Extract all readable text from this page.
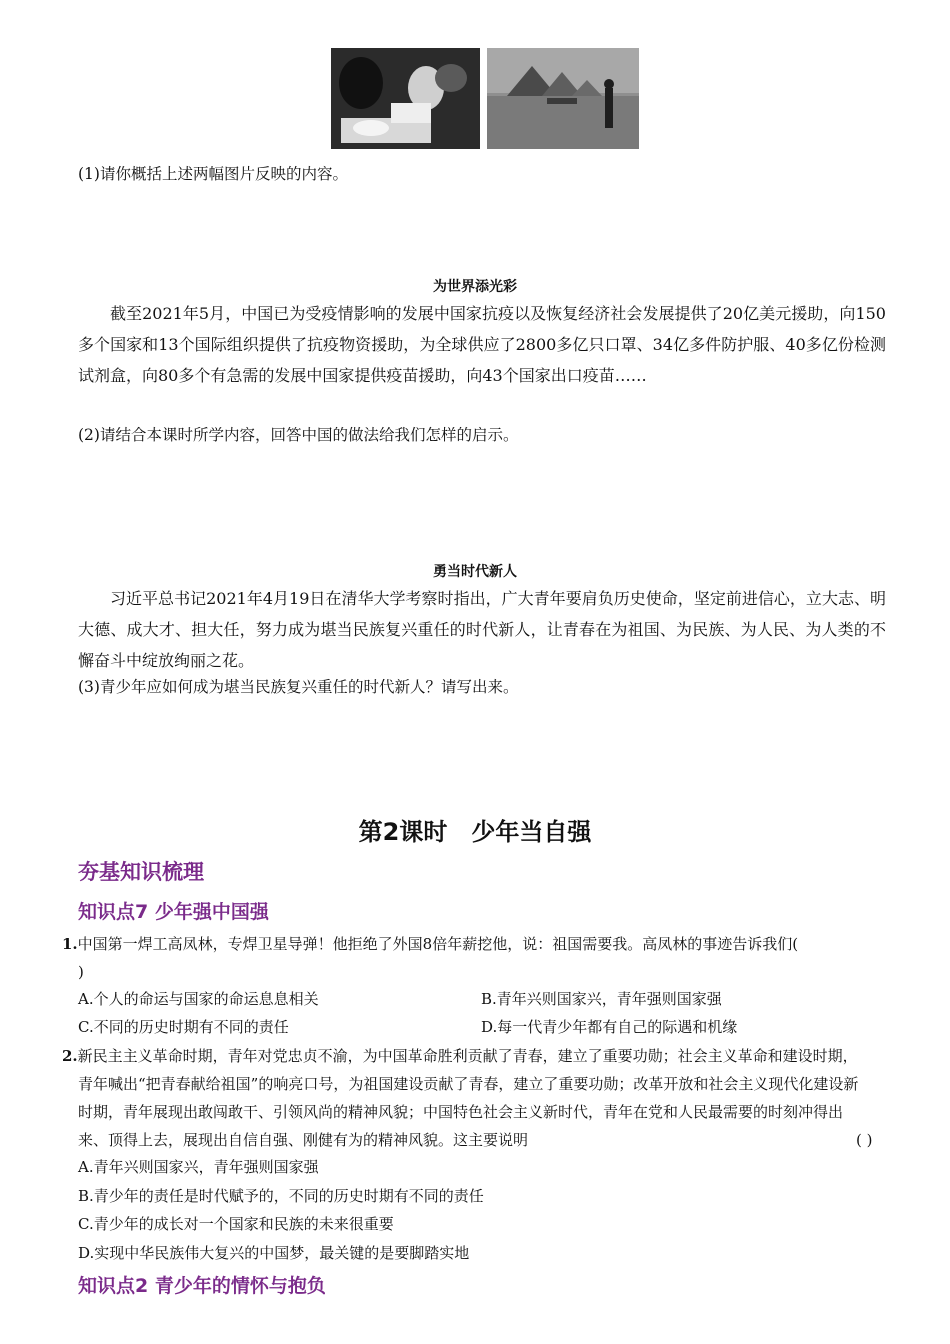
(1)请你概括上述两幅图片反映的内容。
为世界添光彩
截至2021年5月，中国已为受疫情影响的发展中国家抗疫以及恢复经济社会发展提供了20亿美元援助，向150多个国家和13个国际组织提供了抗疫物资援助，为全球供应了2800多亿只口罩、34亿多件防护服、40多亿份检测试剂盒，向80多个有急需的发展中国家提供疫苗援助，向43个国家出口疫苗……
(2)请结合本课时所学内容，回答中国的做法给我们怎样的启示。
勇当时代新人
习近平总书记2021年4月19日在清华大学考察时指出，广大青年要肩负历史使命，坚定前进信心，立大志、明大德、成大才、担大任，努力成为堪当民族复兴重任的时代新人，让青春在为祖国、为民族、为人民、为人类的不懈奋斗中绽放绚丽之花。
(3)青少年应如何成为堪当民族复兴重任的时代新人？请写出来。
第2课时　少年当自强
夯基知识梳理
知识点7 少年强中国强
1.中国第一焊工高凤林，专焊卫星导弹！他拒绝了外国8倍年薪挖他，说：祖国需要我。高凤林的事迹告诉我们(
)
A.个人的命运与国家的命运息息相关	B.青年兴则国家兴，青年强则国家强
C.不同的历史时期有不同的责任	D.每一代青少年都有自己的际遇和机缘
2.新民主主义革命时期，青年对党忠贞不渝，为中国革命胜利贡献了青春，建立了重要功勋；社会主义革命和建设时期，青年喊出“把青春献给祖国”的响亮口号，为祖国建设贡献了青春，建立了重要功勋；改革开放和社会主义现代化建设新时期，青年展现出敢闯敢干、引领风尚的精神风貌；中国特色社会主义新时代，青年在党和人民最需要的时刻冲得出来、顶得上去，展现出自信自强、刚健有为的精神风貌。这主要说明	( )
A.青年兴则国家兴，青年强则国家强
B.青少年的责任是时代赋予的，不同的历史时期有不同的责任
C.青少年的成长对一个国家和民族的未来很重要
D.实现中华民族伟大复兴的中国梦，最关键的是要脚踏实地
知识点2 青少年的情怀与抱负
